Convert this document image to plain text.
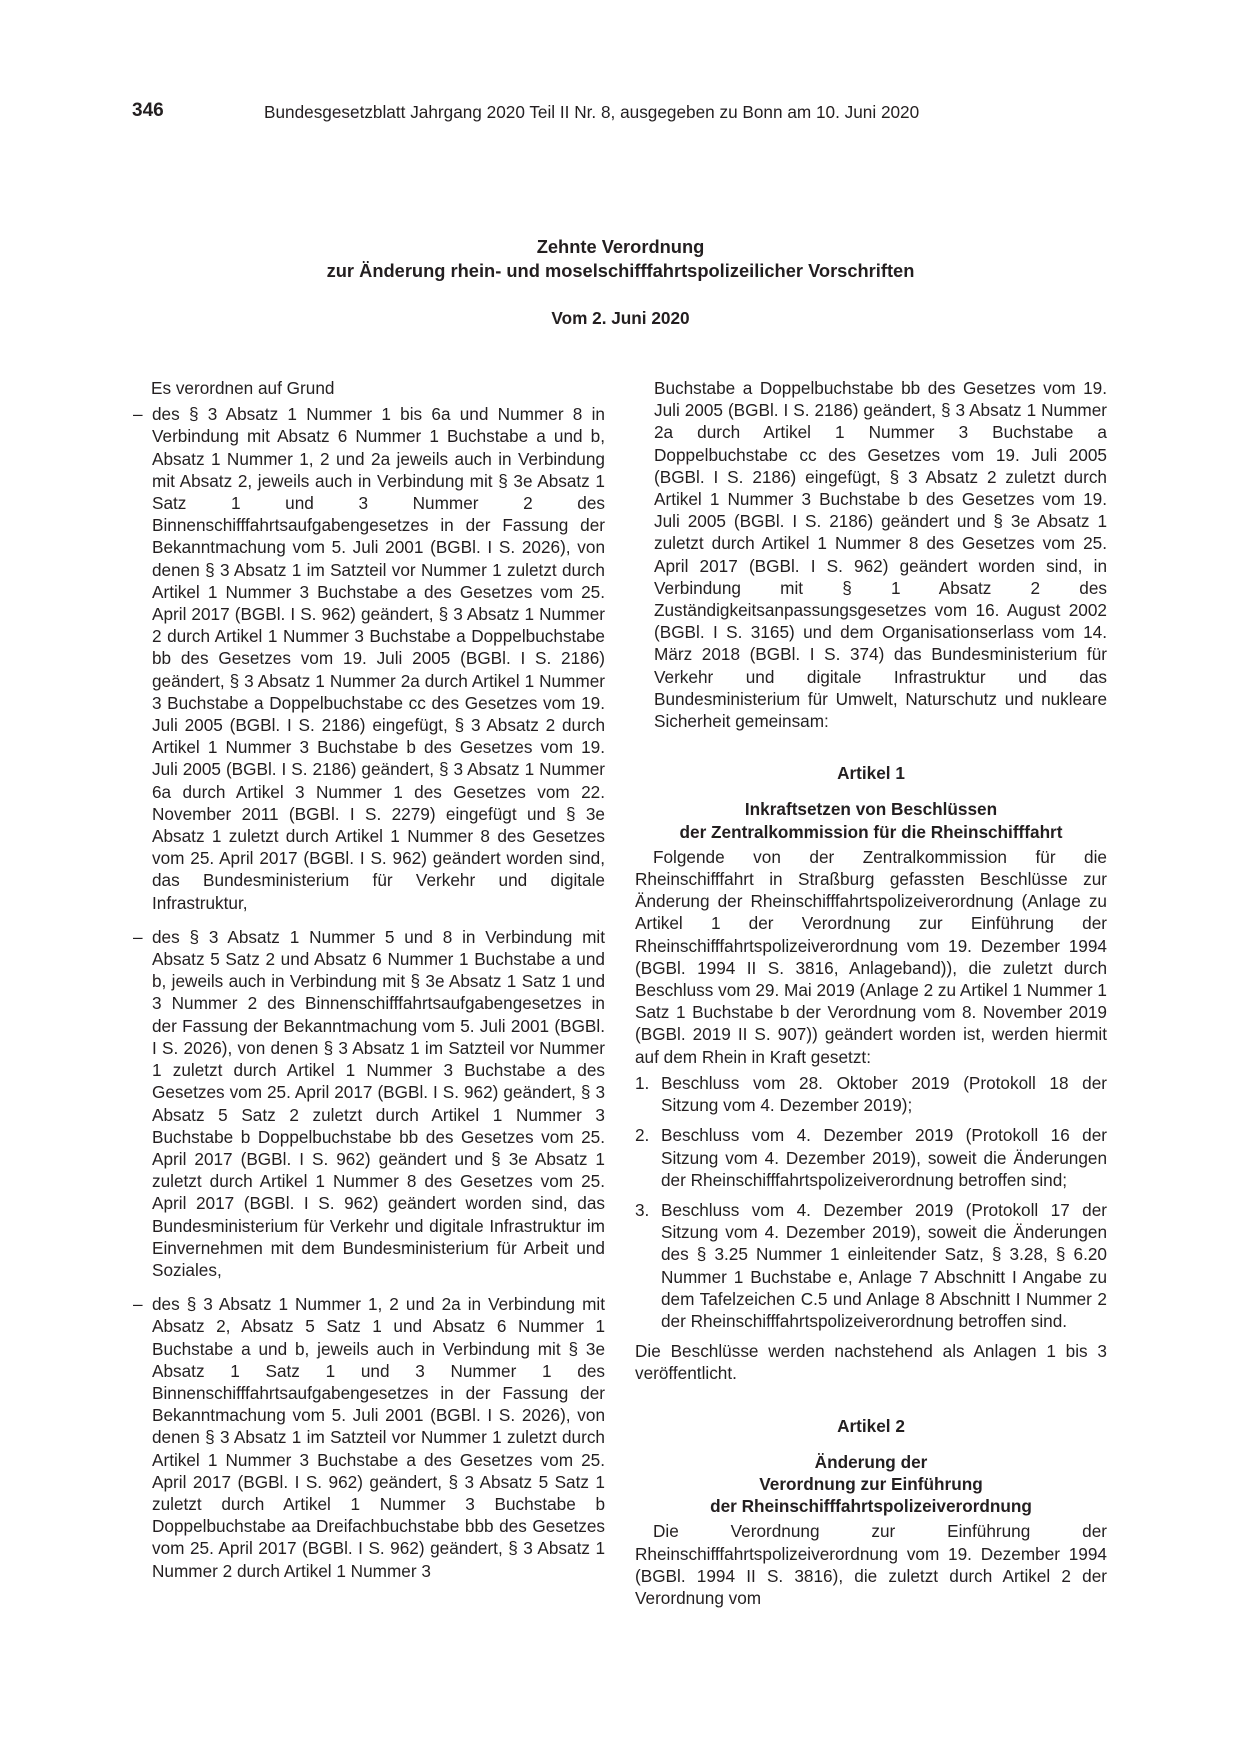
346	Bundesgesetzblatt Jahrgang 2020 Teil II Nr. 8, ausgegeben zu Bonn am 10. Juni 2020
Zehnte Verordnung
zur Änderung rhein- und moselschifffahrtspolizeilicher Vorschriften
Vom 2. Juni 2020

Es verordnen auf Grund

– des § 3 Absatz 1 Nummer 1 bis 6a und Nummer 8 in Verbindung mit Absatz 6 Nummer 1 Buchstabe a und b, Absatz 1 Nummer 1, 2 und 2a jeweils auch in Verbindung mit Absatz 2, jeweils auch in Verbindung mit § 3e Absatz 1 Satz 1 und 3 Nummer 2 des Binnenschifffahrtsaufgabengesetzes in der Fassung der Bekanntmachung vom 5. Juli 2001 (BGBl. I S. 2026), von denen § 3 Absatz 1 im Satzteil vor Nummer 1 zuletzt durch Artikel 1 Nummer 3 Buchstabe a des Gesetzes vom 25. April 2017 (BGBl. I S. 962) geändert, § 3 Absatz 1 Nummer 2 durch Artikel 1 Nummer 3 Buchstabe a Doppelbuchstabe bb des Gesetzes vom 19. Juli 2005 (BGBl. I S. 2186) geändert, § 3 Absatz 1 Nummer 2a durch Artikel 1 Nummer 3 Buchstabe a Doppelbuchstabe cc des Gesetzes vom 19. Juli 2005 (BGBl. I S. 2186) eingefügt, § 3 Absatz 2 durch Artikel 1 Nummer 3 Buchstabe b des Gesetzes vom 19. Juli 2005 (BGBl. I S. 2186) geändert, § 3 Absatz 1 Nummer 6a durch Artikel 3 Nummer 1 des Gesetzes vom 22. November 2011 (BGBl. I S. 2279) eingefügt und § 3e Absatz 1 zuletzt durch Artikel 1 Nummer 8 des Gesetzes vom 25. April 2017 (BGBl. I S. 962) geändert worden sind, das Bundesministerium für Verkehr und digitale Infrastruktur,
– des § 3 Absatz 1 Nummer 5 und 8 in Verbindung mit Absatz 5 Satz 2 und Absatz 6 Nummer 1 Buchstabe a und b, jeweils auch in Verbindung mit § 3e Absatz 1 Satz 1 und 3 Nummer 2 des Binnenschifffahrtsaufgabengesetzes in der Fassung der Bekanntmachung vom 5. Juli 2001 (BGBl. I S. 2026), von denen § 3 Absatz 1 im Satzteil vor Nummer 1 zuletzt durch Artikel 1 Nummer 3 Buchstabe a des Gesetzes vom 25. April 2017 (BGBl. I S. 962) geändert, § 3 Absatz 5 Satz 2 zuletzt durch Artikel 1 Nummer 3 Buchstabe b Doppelbuchstabe bb des Gesetzes vom 25. April 2017 (BGBl. I S. 962) geändert und § 3e Absatz 1 zuletzt durch Artikel 1 Nummer 8 des Gesetzes vom 25. April 2017 (BGBl. I S. 962) geändert worden sind, das Bundesministerium für Verkehr und digitale Infrastruktur im Einvernehmen mit dem Bundesministerium für Arbeit und Soziales,
– des § 3 Absatz 1 Nummer 1, 2 und 2a in Verbindung mit Absatz 2, Absatz 5 Satz 1 und Absatz 6 Nummer 1 Buchstabe a und b, jeweils auch in Verbindung mit § 3e Absatz 1 Satz 1 und 3 Nummer 1 des Binnenschifffahrtsaufgabengesetzes in der Fassung der Bekanntmachung vom 5. Juli 2001 (BGBl. I S. 2026), von denen § 3 Absatz 1 im Satzteil vor Nummer 1 zuletzt durch Artikel 1 Nummer 3 Buchstabe a des Gesetzes vom 25. April 2017 (BGBl. I S. 962) geändert, § 3 Absatz 5 Satz 1 zuletzt durch Artikel 1 Nummer 3 Buchstabe b Doppelbuchstabe aa Dreifachbuchstabe bbb des Gesetzes vom 25. April 2017 (BGBl. I S. 962) geändert, § 3 Absatz 1 Nummer 2 durch Artikel 1 Nummer 3

Buchstabe a Doppelbuchstabe bb des Gesetzes vom 19. Juli 2005 (BGBl. I S. 2186) geändert, § 3 Absatz 1 Nummer 2a durch Artikel 1 Nummer 3 Buchstabe a Doppelbuchstabe cc des Gesetzes vom 19. Juli 2005 (BGBl. I S. 2186) eingefügt, § 3 Absatz 2 zuletzt durch Artikel 1 Nummer 3 Buchstabe b des Gesetzes vom 19. Juli 2005 (BGBl. I S. 2186) geändert und § 3e Absatz 1 zuletzt durch Artikel 1 Nummer 8 des Gesetzes vom 25. April 2017 (BGBl. I S. 962) geändert worden sind, in Verbindung mit § 1 Absatz 2 des Zuständigkeitsanpassungsgesetzes vom 16. August 2002 (BGBl. I S. 3165) und dem Organisationserlass vom 14. März 2018 (BGBl. I S. 374) das Bundesministerium für Verkehr und digitale Infrastruktur und das Bundesministerium für Umwelt, Naturschutz und nukleare Sicherheit gemeinsam:

Artikel 1
Inkraftsetzen von Beschlüssen
der Zentralkommission für die Rheinschifffahrt

Folgende von der Zentralkommission für die Rheinschifffahrt in Straßburg gefassten Beschlüsse zur Änderung der Rheinschifffahrtspolizeiverordnung (Anlage zu Artikel 1 der Verordnung zur Einführung der Rheinschifffahrtspolizeiverordnung vom 19. Dezember 1994 (BGBl. 1994 II S. 3816, Anlageband)), die zuletzt durch Beschluss vom 29. Mai 2019 (Anlage 2 zu Artikel 1 Nummer 1 Satz 1 Buchstabe b der Verordnung vom 8. November 2019 (BGBl. 2019 II S. 907)) geändert worden ist, werden hiermit auf dem Rhein in Kraft gesetzt:

1. Beschluss vom 28. Oktober 2019 (Protokoll 18 der Sitzung vom 4. Dezember 2019);
2. Beschluss vom 4. Dezember 2019 (Protokoll 16 der Sitzung vom 4. Dezember 2019), soweit die Änderungen der Rheinschifffahrtspolizeiverordnung betroffen sind;
3. Beschluss vom 4. Dezember 2019 (Protokoll 17 der Sitzung vom 4. Dezember 2019), soweit die Änderungen des § 3.25 Nummer 1 einleitender Satz, § 3.28, § 6.20 Nummer 1 Buchstabe e, Anlage 7 Abschnitt I Angabe zu dem Tafelzeichen C.5 und Anlage 8 Abschnitt I Nummer 2 der Rheinschifffahrtspolizeiverordnung betroffen sind.

Die Beschlüsse werden nachstehend als Anlagen 1 bis 3 veröffentlicht.

Artikel 2
Änderung der
Verordnung zur Einführung
der Rheinschifffahrtspolizeiverordnung

Die Verordnung zur Einführung der Rheinschifffahrtspolizeiverordnung vom 19. Dezember 1994 (BGBl. 1994 II S. 3816), die zuletzt durch Artikel 2 der Verordnung vom
